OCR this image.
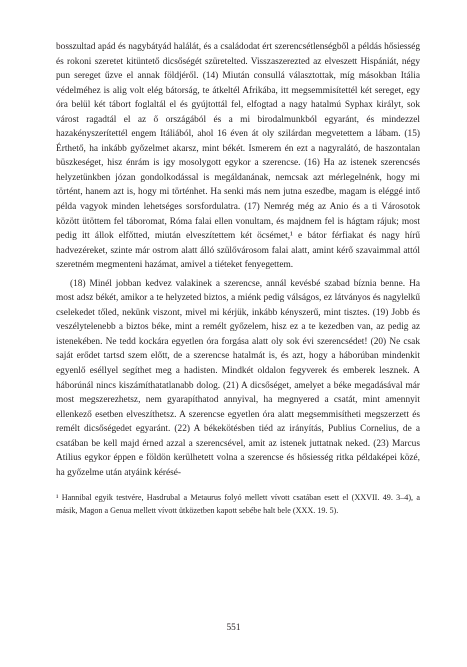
bosszultad apád és nagybátyád halálát, és a családodat ért szerencsétlenségből a példás hősiesség és rokoni szeretet kitüntető dicsőségét szüretelted. Visszaszerezted az elveszett Hispániát, négy pun sereget űzve el annak földjéről. (14) Miután consullá választottak, míg másokban Itália védelméhez is alig volt elég bátorság, te átkeltél Afrikába, itt megsemmisítettél két sereget, egy óra belül két tábort foglaltál el és gyújtottál fel, elfogtad a nagy hatalmú Syphax királyt, sok várost ragadtál el az ő országából és a mi birodalmunkból egyaránt, és mindezzel hazakényszerítettél engem Itáliából, ahol 16 éven át oly szilárdan megvetettem a lábam. (15) Érthető, ha inkább győzelmet akarsz, mint békét. Ismerem én ezt a nagyralátó, de haszontalan büszkeséget, hisz énrám is igy mosolygott egykor a szerencse. (16) Ha az istenek szerencsés helyzetünkben józan gondolkodással is megáldanának, nemcsak azt mérlegelnénk, hogy mi történt, hanem azt is, hogy mi történhet. Ha senki más nem jutna eszedbe, magam is eléggé intő példa vagyok minden lehetséges sorsfordulatra. (17) Nemrég még az Anio és a ti Városotok között ütöttem fel táboromat, Róma falai ellen vonultam, és majdnem fel is hágtam rájuk; most pedig itt állok elfőtted, miután elveszítettem két öcsémet,¹ e bátor férfiakat és nagy hírű hadvezéreket, szinte már ostrom alatt álló szülővárosom falai alatt, amint kérő szavaimmal attól szeretném megmenteni hazámat, amivel a tiéteket fenyegettem.

(18) Minél jobban kedvez valakinek a szerencse, annál kevésbé szabad bíznia benne. Ha most adsz békét, amikor a te helyzeted biztos, a miénk pedig válságos, ez látványos és nagylelkű cselekedet tőled, nekünk viszont, mivel mi kérjük, inkább kényszerű, mint tisztes. (19) Jobb és veszélytelenebb a biztos béke, mint a remélt győzelem, hisz ez a te kezedben van, az pedig az istenekében. Ne tedd kockára egyetlen óra forgása alatt oly sok évi szerencsédet! (20) Ne csak saját erődet tartsd szem előtt, de a szerencse hatalmát is, és azt, hogy a háborúban mindenkit egyenlő eséllyel segíthet meg a hadisten. Mindkét oldalon fegyverek és emberek lesznek. A háborúnál nincs kiszámíthatatlanabb dolog. (21) A dicsőséget, amelyet a béke megadásával már most megszerezhetsz, nem gyarapíthatod annyival, ha megnyered a csatát, mint amennyit ellenkező esetben elveszíthetsz. A szerencse egyetlen óra alatt megsemmisítheti megszerzett és remélt dicsőségedet egyaránt. (22) A békekötésben tiéd az irányítás, Publius Cornelius, de a csatában be kell majd érned azzal a szerencsével, amit az istenek juttatnak neked. (23) Marcus Atilius egykor éppen e földön kerülhetett volna a szerencse és hősiesség ritka példaképei közé, ha győzelme után atyáink kérésé-

¹ Hannibal egyik testvére, Hasdrubal a Metaurus folyó mellett vívott csatában esett el (XXVII. 49. 3–4), a másik, Magon a Genua mellett vívott ütközetben kapott sebébe halt bele (XXX. 19. 5).

551
